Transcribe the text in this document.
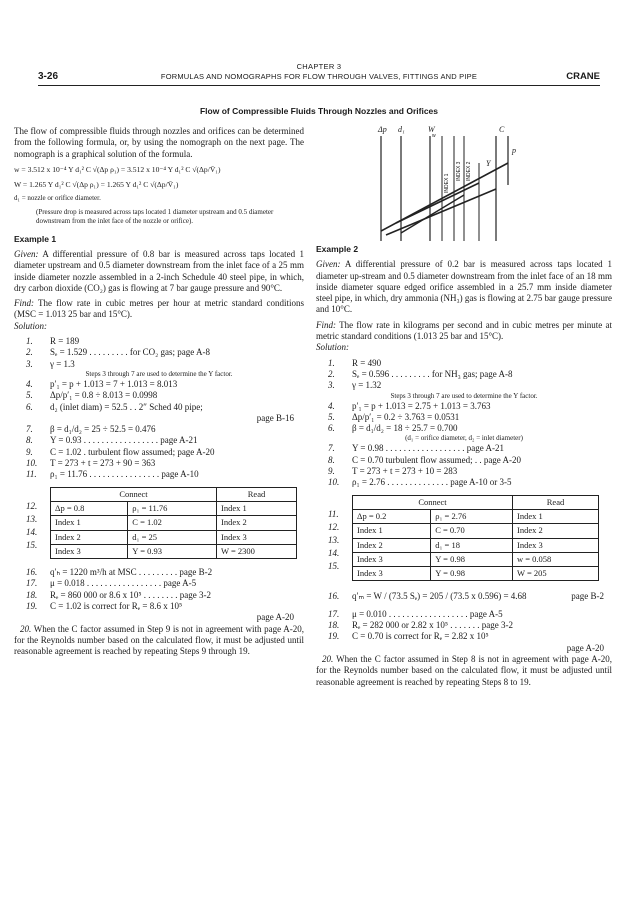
CHAPTER 3
FORMULAS AND NOMOGRAPHS FOR FLOW THROUGH VALVES, FITTINGS AND PIPE
3-26	CRANE
Flow of Compressible Fluids Through Nozzles and Orifices
Δp d₁	W	C
Y
p
INDEX 1
INDEX 3 INDEX 2
w
The flow of compressible fluids through nozzles and orifices can be determined from the following formula, or, by using the nomograph on the next page. The nomograph is a graphical solution of the formula.
w = 3.512 x 10⁻⁴ Y d₁² C √(Δp ρ₁) = 3.512 x 10⁻⁴ Y d₁² C √(Δp/V̄₁)
W = 1.265 Y d₁² C √(Δp ρ₁) = 1.265 Y d₁² C √(Δp/V̄₁)
d₁ = nozzle or orifice diameter.
(Pressure drop is measured across taps located 1 diameter upstream and 0.5 diameter downstream from the inlet face of the nozzle or orifice).
Example 1
Given: A differential pressure of 0.8 bar is measured across taps located 1 diameter upstream and 0.5 diameter downstream from the inlet face of a 25 mm inside diameter nozzle assembled in a 2-inch Schedule 40 steel pipe, in which, dry carbon dioxide (CO₂) gas is flowing at 7 bar gauge pressure and 90°C.
Find: The flow rate in cubic metres per hour at metric standard conditions (MSC = 1.013 25 bar and 15°C).
Solution:
1.	R = 189
2.	Sₑ = 1.529 . . . . . . . . . for CO₂ gas; page A-8
3.	γ = 1.3
Steps 3 through 7 are used to determine the Y factor.
4.	p′₁ = p + 1.013 = 7 + 1.013 = 8.013
5.	Δp/p′₁ = 0.8 ÷ 8.013 = 0.0998
6.	d₂ (inlet diam) = 52.5 . . 2″ Sched 40 pipe;
page B-16
7.	β = d₁/d₂ = 25 ÷ 52.5 = 0.476
8.	Y = 0.93 . . . . . . . . . . . . . . . . . page A-21
9.	C = 1.02 . turbulent flow assumed; page A-20
10.	T = 273 + t = 273 + 90 = 363
11.	ρ₁ = 11.76 . . . . . . . . . . . . . . . . page A-10
12.
13.
14.
15.
Connect		Read
Δp = 0.8	ρ₁ = 11.76	Index 1
Index 1	C = 1.02	Index 2
Index 2	d₁ = 25	Index 3
Index 3	Y = 0.93	W = 2300
16.	q′ₕ = 1220 m³/h at MSC . . . . . . . . . page B-2
17.	μ = 0.018 . . . . . . . . . . . . . . . . . page A-5
18.	Rₑ = 860 000 or 8.6 x 10⁵ . . . . . . . . page 3-2
19.	C = 1.02 is correct for Rₑ = 8.6 x 10⁵
page A-20
20. When the C factor assumed in Step 9 is not in agreement with page A-20, for the Reynolds number based on the calculated flow, it must be adjusted until reasonable agreement is reached by repeating Steps 9 through 19.
Example 2
Given: A differential pressure of 0.2 bar is measured across taps located 1 diameter up-stream and 0.5 diameter downstream from the inlet face of an 18 mm inside diameter square edged orifice assembled in a 25.7 mm inside diameter steel pipe, in which, dry ammonia (NH₃) gas is flowing at 2.75 bar gauge pressure and 10°C.
Find: The flow rate in kilograms per second and in cubic metres per minute at metric standard conditions (1.013 25 bar and 15°C).
Solution:
1.	R = 490
2.	Sₑ = 0.596 . . . . . . . . . for NH₃ gas; page A-8
3.	γ = 1.32
Steps 3 through 7 are used to determine the Y factor.
4.	p′₁ = p + 1.013 = 2.75 + 1.013 = 3.763
5.	Δp/p′₁ = 0.2 ÷ 3.763 = 0.0531
6.	β = d₁/d₂ = 18 ÷ 25.7 = 0.700
(d₁ = orifice diameter, d₂ = inlet diameter)
7.	Y = 0.98 . . . . . . . . . . . . . . . . . . page A-21
8.	C = 0.70 turbulent flow assumed; . . page A-20
9.	T = 273 + t = 273 + 10 = 283
10.	ρ₁ = 2.76 . . . . . . . . . . . . . . page A-10 or 3-5
11.
12.
13.
14.
15.
Connect		Read
Δp = 0.2	ρ₁ = 2.76	Index 1
Index 1	C = 0.70	Index 2
Index 2	d₁ = 18	Index 3
Index 3	Y = 0.98	w = 0.058
Index 3	Y = 0.98	W = 205
16.	q′ₘ = W / (73.5 Sₑ) = 205 / (73.5 x 0.596) = 4.68	page B-2
17.	μ = 0.010 . . . . . . . . . . . . . . . . . . page A-5
18.	Rₑ = 282 000 or 2.82 x 10⁵ . . . . . . . page 3-2
19.	C = 0.70 is correct for Rₑ = 2.82 x 10⁵
page A-20
20. When the C factor assumed in Step 8 is not in agreement with page A-20, for the Reynolds number based on the calculated flow, it must be adjusted until reasonable agreement is reached by repeating Steps 8 to 19.
